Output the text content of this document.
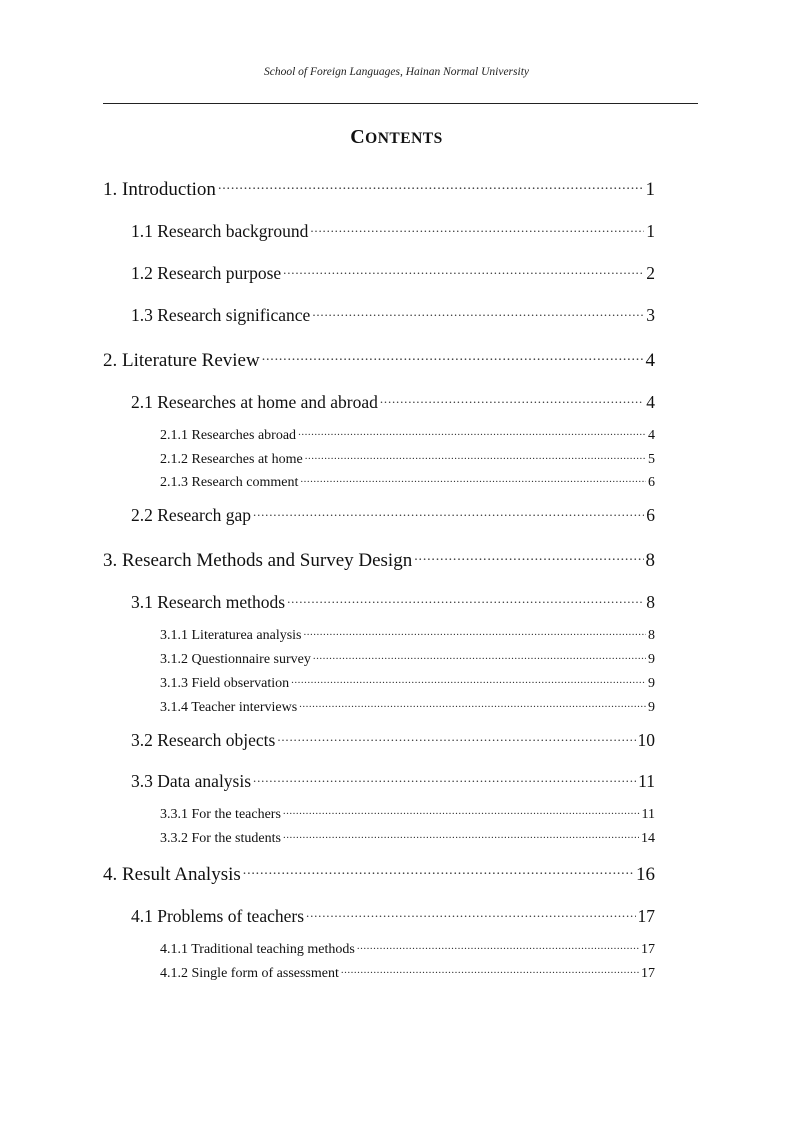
School of Foreign Languages, Hainan Normal University
CONTENTS
1. Introduction .....	1
1.1 Research background .....	1
1.2 Research purpose .....	2
1.3 Research significance .....	3
2. Literature Review .....	4
2.1 Researches at home and abroad .....	4
2.1.1 Researches abroad .....	4
2.1.2 Researches at home .....	5
2.1.3 Research comment .....	6
2.2 Research gap .....	6
3. Research Methods and Survey Design .....	8
3.1 Research methods .....	8
3.1.1 Literaturea analysis .....	8
3.1.2 Questionnaire survey .....	9
3.1.3 Field observation .....	9
3.1.4 Teacher interviews .....	9
3.2 Research objects .....	10
3.3 Data analysis .....	11
3.3.1 For the teachers .....	11
3.3.2 For the students .....	14
4. Result Analysis .....	16
4.1 Problems of teachers .....	17
4.1.1 Traditional teaching methods .....	17
4.1.2 Single form of assessment .....	17
